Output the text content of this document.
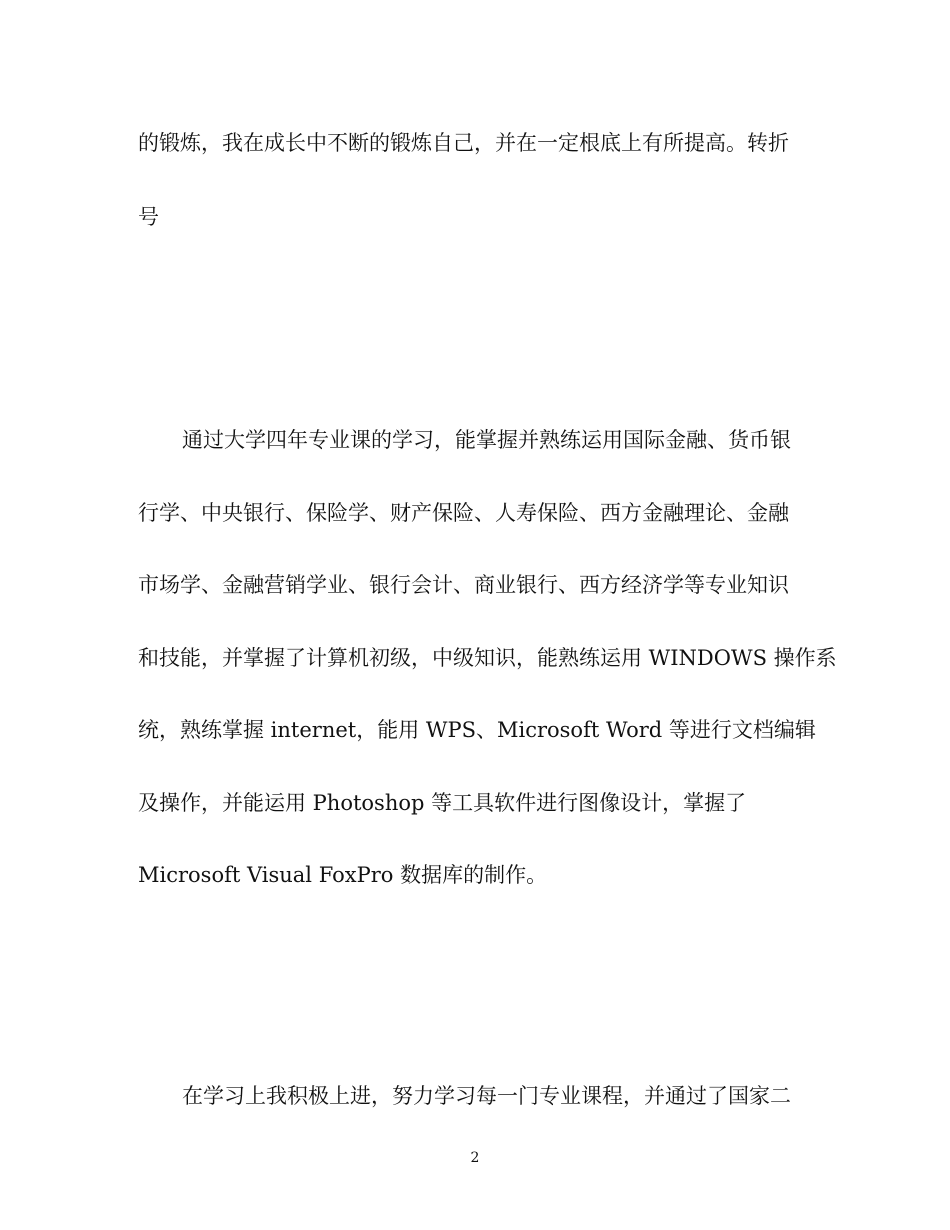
的锻炼，我在成长中不断的锻炼自己，并在一定根底上有所提高。转折
号
通过大学四年专业课的学习，能掌握并熟练运用国际金融、货币银
行学、中央银行、保险学、财产保险、人寿保险、西方金融理论、金融
市场学、金融营销学业、银行会计、商业银行、西方经济学等专业知识
和技能，并掌握了计算机初级，中级知识，能熟练运用 WINDOWS 操作系
统，熟练掌握 internet，能用 WPS、Microsoft Word 等进行文档编辑
及操作，并能运用 Photoshop 等工具软件进行图像设计，掌握了
Microsoft Visual FoxPro 数据库的制作。
在学习上我积极上进，努力学习每一门专业课程，并通过了国家二
2
